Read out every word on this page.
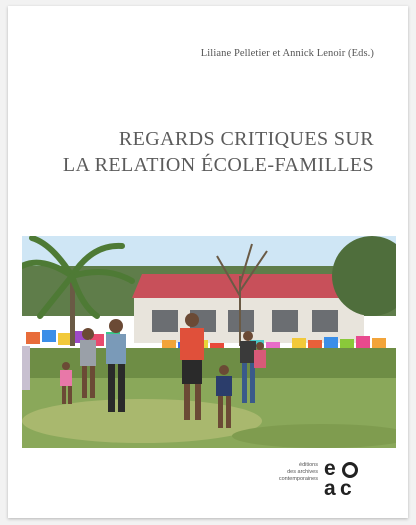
Liliane Pelletier et Annick Lenoir (Eds.)
REGARDS CRITIQUES SUR
LA RELATION ÉCOLE-FAMILLES
éditions
des archives
contemporaines e
a c
